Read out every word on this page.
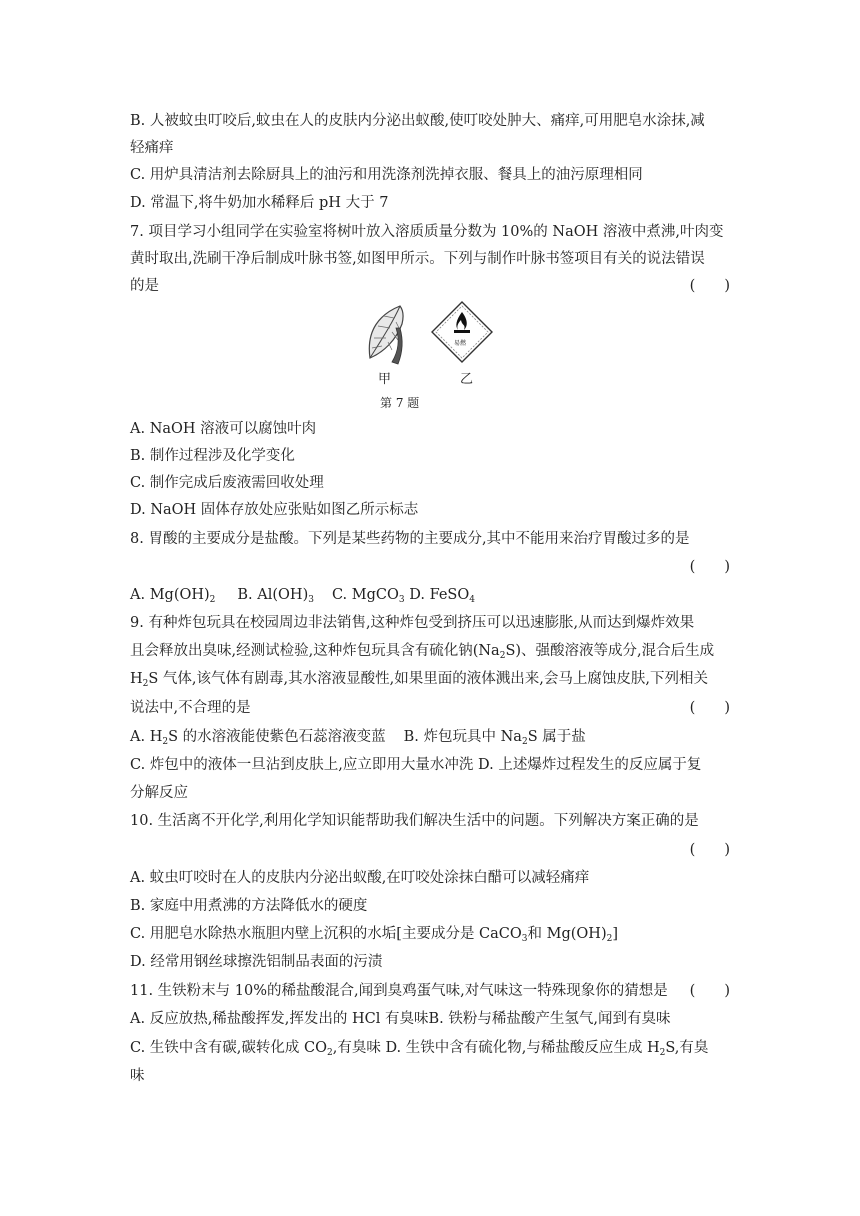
B. 人被蚊虫叮咬后,蚊虫在人的皮肤内分泌出蚁酸,使叮咬处肿大、痛痒,可用肥皂水涂抹,减
轻痛痒
C. 用炉具清洁剂去除厨具上的油污和用洗涤剂洗掉衣服、餐具上的油污原理相同
D. 常温下,将牛奶加水稀释后 pH 大于 7
7. 项目学习小组同学在实验室将树叶放入溶质质量分数为 10%的 NaOH 溶液中煮沸,叶肉变
黄时取出,洗刷干净后制成叶脉书签,如图甲所示。下列与制作叶脉书签项目有关的说法错误
的是	(　　)
易燃
甲	乙
第 7 题
A. NaOH 溶液可以腐蚀叶肉
B. 制作过程涉及化学变化
C. 制作完成后废液需回收处理
D. NaOH 固体存放处应张贴如图乙所示标志
8. 胃酸的主要成分是盐酸。下列是某些药物的主要成分,其中不能用来治疗胃酸过多的是
(　　)
A. $Mg(OH)_2$ B. $Al(OH)_3$ C. MgCO$_3$ D. FeSO$_4$
9. 有种炸包玩具在校园周边非法销售,这种炸包受到挤压可以迅速膨胀,从而达到爆炸效果
且会释放出臭味,经测试检验,这种炸包玩具含有硫化钠$(Na_2S)$、强酸溶液等成分,混合后生成
$H_2S$ 气体,该气体有剧毒,其水溶液显酸性,如果里面的液体溅出来,会马上腐蚀皮肤,下列相关
说法中,不合理的是	(　　)
A. $H_2S$ 的水溶液能使紫色石蕊溶液变蓝 B. 炸包玩具中 $Na_2S$ 属于盐
C. 炸包中的液体一旦沾到皮肤上,应立即用大量水冲洗 D. 上述爆炸过程发生的反应属于复
分解反应
10. 生活离不开化学,利用化学知识能帮助我们解决生活中的问题。下列解决方案正确的是
(　　)
A. 蚊虫叮咬时在人的皮肤内分泌出蚁酸,在叮咬处涂抹白醋可以减轻痛痒
B. 家庭中用煮沸的方法降低水的硬度
C. 用肥皂水除热水瓶胆内壁上沉积的水垢[主要成分是 CaCO$_3$和 $Mg(OH)_2$]
D. 经常用钢丝球擦洗铝制品表面的污渍
11. 生铁粉末与 10%的稀盐酸混合,闻到臭鸡蛋气味,对气味这一特殊现象你的猜想是 (　　)
A. 反应放热,稀盐酸挥发,挥发出的 HCl 有臭味B. 铁粉与稀盐酸产生氢气,闻到有臭味
C. 生铁中含有碳,碳转化成 $CO_2$,有臭味 D. 生铁中含有硫化物,与稀盐酸反应生成 $H_2S$,有臭
味
